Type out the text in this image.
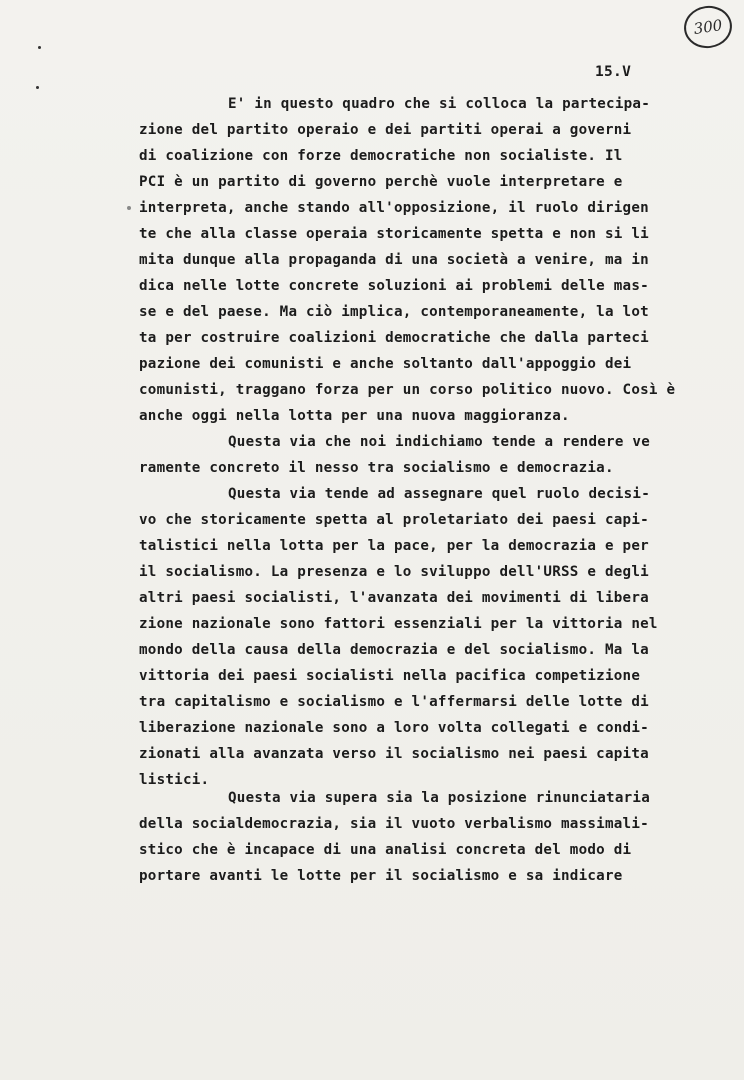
300
15.V
E' in questo quadro che si colloca la partecipa-
zione del partito operaio e dei partiti operai a governi
di coalizione con forze democratiche non socialiste. Il
PCI è un partito di governo perchè vuole interpretare e
interpreta, anche stando all'opposizione, il ruolo dirigen
te che alla classe operaia storicamente spetta e non si li
mita dunque alla propaganda di una società a venire, ma in
dica nelle lotte concrete soluzioni ai problemi delle mas-
se e del paese. Ma ciò implica, contemporaneamente, la lot
ta per costruire coalizioni democratiche che dalla parteci
pazione dei comunisti e anche soltanto dall'appoggio dei
comunisti, traggano forza per un corso politico nuovo. Così è
anche oggi nella lotta per una nuova maggioranza.
Questa via che noi indichiamo tende a rendere ve
ramente concreto il nesso tra socialismo e democrazia.
Questa via tende ad assegnare quel ruolo decisi-
vo che storicamente spetta al proletariato dei paesi capi-
talistici nella lotta per la pace, per la democrazia e per
il socialismo. La presenza e lo sviluppo dell'URSS e degli
altri paesi socialisti, l'avanzata dei movimenti di libera
zione nazionale sono fattori essenziali per la vittoria nel
mondo della causa della democrazia e del socialismo. Ma la
vittoria dei paesi socialisti nella pacifica competizione
tra capitalismo e socialismo e l'affermarsi delle lotte di
liberazione nazionale sono a loro volta collegati e condi-
zionati alla avanzata verso il socialismo nei paesi capita
listici.
Questa via supera sia la posizione rinunciataria
della socialdemocrazia, sia il vuoto verbalismo massimali-
stico che è incapace di una analisi concreta del modo di
portare avanti le lotte per il socialismo e sa indicare
